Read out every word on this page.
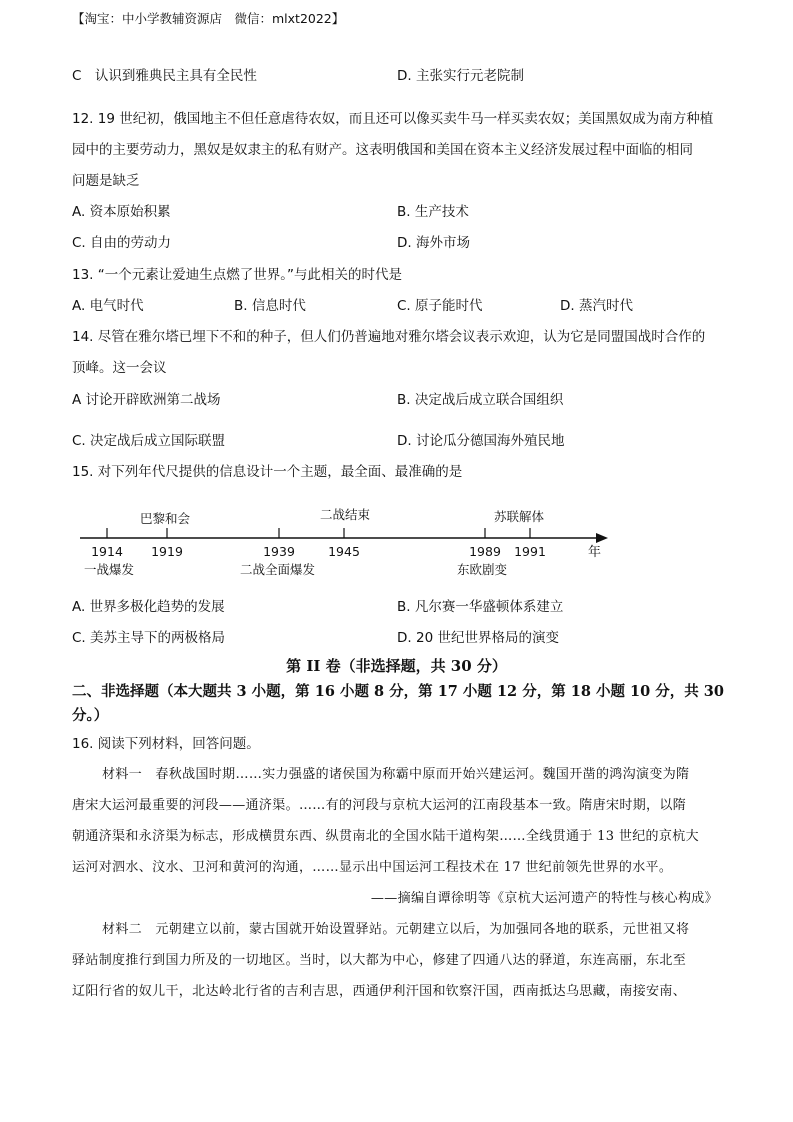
【淘宝：中小学教辅资源店　微信：mlxt2022】
C　认识到雅典民主具有全民性	D. 主张实行元老院制
12. 19 世纪初，俄国地主不但任意虐待农奴，而且还可以像买卖牛马一样买卖农奴；美国黑奴成为南方种植
园中的主要劳动力，黑奴是奴隶主的私有财产。这表明俄国和美国在资本主义经济发展过程中面临的相同
问题是缺乏
A. 资本原始积累	B. 生产技术
C. 自由的劳动力	D. 海外市场
13. “一个元素让爱迪生点燃了世界。”与此相关的时代是
A. 电气时代	B. 信息时代	C. 原子能时代	D. 蒸汽时代
14. 尽管在雅尔塔已埋下不和的种子，但人们仍普遍地对雅尔塔会议表示欢迎，认为它是同盟国战时合作的
顶峰。这一会议
A 讨论开辟欧洲第二战场	B. 决定战后成立联合国组织
C. 决定战后成立国际联盟	D. 讨论瓜分德国海外殖民地
15. 对下列年代尺提供的信息设计一个主题，最全面、最准确的是
巴黎和会	二战结束	苏联解体
1914 1919	1939	1945	1989 1991	年
一战爆发	二战全面爆发	东欧剧变
A. 世界多极化趋势的发展	B. 凡尔赛一华盛顿体系建立
C. 美苏主导下的两极格局	D. 20 世纪世界格局的演变
第 II 卷（非选择题，共 30 分）
二、非选择题（本大题共 3 小题，第 16 小题 8 分，第 17 小题 12 分，第 18 小题 10 分，共 30
分。）
16. 阅读下列材料，回答问题。
材料一　春秋战国时期……实力强盛的诸侯国为称霸中原而开始兴建运河。魏国开凿的鸿沟演变为隋
唐宋大运河最重要的河段——通济渠。……有的河段与京杭大运河的江南段基本一致。隋唐宋时期，以隋
朝通济渠和永济渠为标志，形成横贯东西、纵贯南北的全国水陆干道构架……全线贯通于 13 世纪的京杭大
运河对泗水、汶水、卫河和黄河的沟通，……显示出中国运河工程技术在 17 世纪前领先世界的水平。
——摘编自谭徐明等《京杭大运河遗产的特性与核心构成》
材料二　元朝建立以前，蒙古国就开始设置驿站。元朝建立以后，为加强同各地的联系，元世祖又将
驿站制度推行到国力所及的一切地区。当时，以大都为中心，修建了四通八达的驿道，东连高丽，东北至
辽阳行省的奴儿干，北达岭北行省的吉利吉思，西通伊利汗国和钦察汗国，西南抵达乌思藏，南接安南、
